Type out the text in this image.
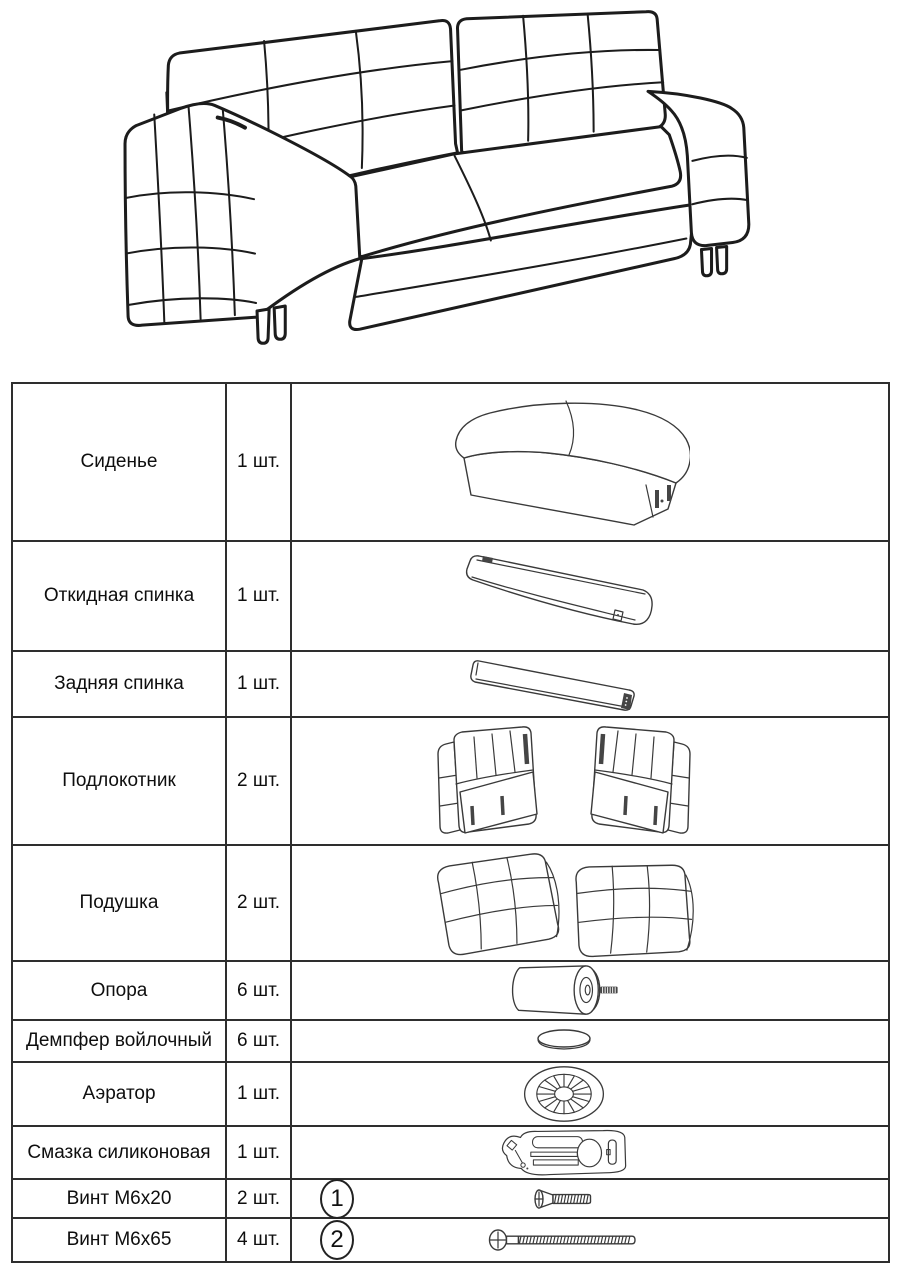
Сиденье	1 шт.	

Откидная спинка	1 шт.	

Задняя спинка	1 шт.	

Подлокотник	2 шт.	

Подушка	2 шт.	

Опора	6 шт.	

Демпфер войлочный	6 шт.	

Аэратор	1 шт.	

Смазка силиконовая	1 шт.	

Винт М6х20	2 шт.	1

Винт М6х65	4 шт.	2
